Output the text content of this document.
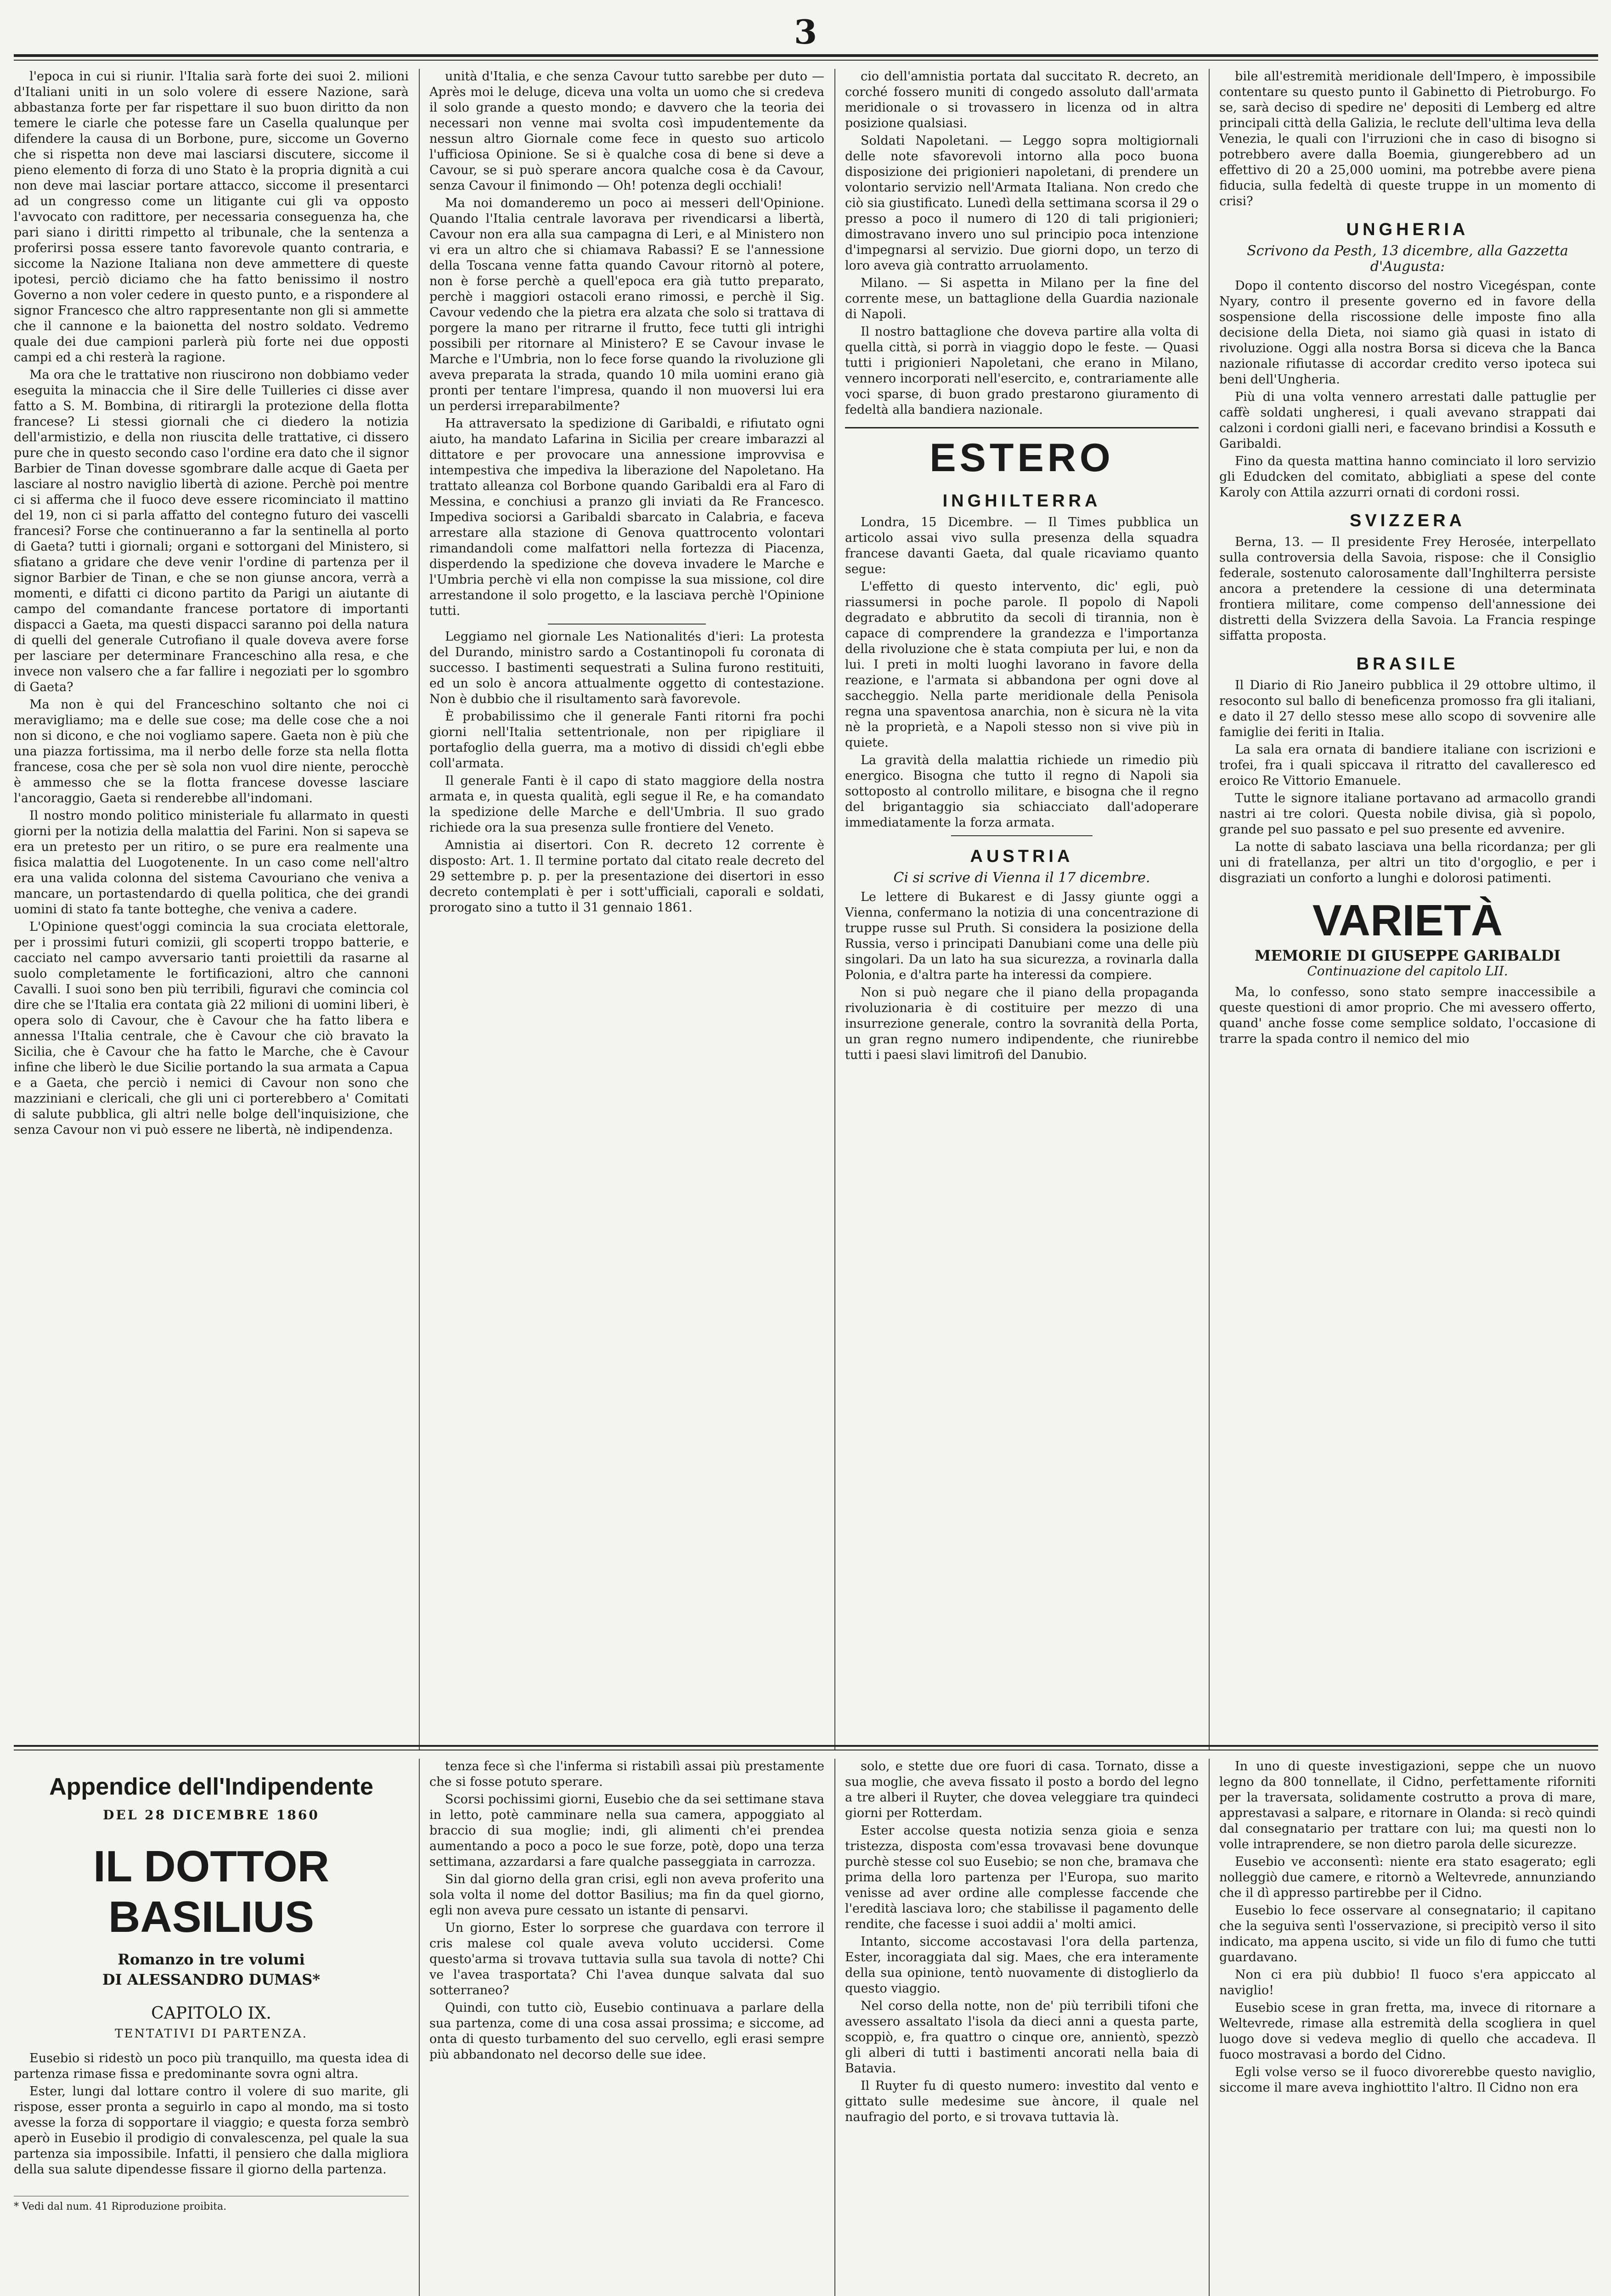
3

l'epoca in cui si riunir. l'Italia sarà forte dei suoi 2. milioni d'Italiani uniti in un solo volere di essere Nazione, sarà abbastanza forte per far rispettare il suo buon diritto da non temere le ciarle che potesse fare un Casella qualunque per difendere la causa di un Borbone, pure, siccome un Governo che si rispetta non deve mai lasciarsi discutere, siccome il pieno elemento di forza di uno Stato è la propria dignità a cui non deve mai lasciar portare attacco, siccome il presentarci ad un congresso come un litigante cui gli va opposto l'avvocato con radittore, per necessaria conseguenza ha, che pari siano i diritti rimpetto al tribunale, che la sentenza a proferirsi possa essere tanto favorevole quanto contraria, e siccome la Nazione Italiana non deve ammettere di queste ipotesi, perciò diciamo che ha fatto benissimo il nostro Governo a non voler cedere in questo punto, e a rispondere al signor Francesco che altro rappresentante non gli si ammette che il cannone e la baionetta del nostro soldato. Vedremo quale dei due campioni parlerà più forte nei due opposti campi ed a chi resterà la ragione.

Ma ora che le trattative non riuscirono non dobbiamo veder eseguita la minaccia che il Sire delle Tuilleries ci disse aver fatto a S. M. Bombina, di ritirargli la protezione della flotta francese? Li stessi giornali che ci diedero la notizia dell'armistizio, e della non riuscita delle trattative, ci dissero pure che in questo secondo caso l'ordine era dato che il signor Barbier de Tinan dovesse sgombrare dalle acque di Gaeta per lasciare al nostro naviglio libertà di azione. Perchè poi mentre ci si afferma che il fuoco deve essere ricominciato il mattino del 19, non ci si parla affatto del contegno futuro dei vascelli francesi? Forse che continueranno a far la sentinella al porto di Gaeta? tutti i giornali; organi e sottorgani del Ministero, si sfiatano a gridare che deve venir l'ordine di partenza per il signor Barbier de Tinan, e che se non giunse ancora, verrà a momenti, e difatti ci dicono partito da Parigi un aiutante di campo del comandante francese portatore di importanti dispacci a Gaeta, ma questi dispacci saranno poi della natura di quelli del generale Cutrofiano il quale doveva avere forse per lasciare per determinare Franceschino alla resa, e che invece non valsero che a far fallire i negoziati per lo sgombro di Gaeta?

Ma non è qui del Franceschino soltanto che noi ci meravigliamo; ma e delle sue cose; ma delle cose che a noi non si dicono, e che noi vogliamo sapere. Gaeta non è più che una piazza fortissima, ma il nerbo delle forze sta nella flotta francese, cosa che per sè sola non vuol dire niente, perocchè è ammesso che se la flotta francese dovesse lasciare l'ancoraggio, Gaeta si renderebbe all'indomani.

Il nostro mondo politico ministeriale fu allarmato in questi giorni per la notizia della malattia del Farini. Non si sapeva se era un pretesto per un ritiro, o se pure era realmente una fisica malattia del Luogotenente. In un caso come nell'altro era una valida colonna del sistema Cavouriano che veniva a mancare, un portastendardo di quella politica, che dei grandi uomini di stato fa tante botteghe, che veniva a cadere.

L'Opinione quest'oggi comincia la sua crociata elettorale, per i prossimi futuri comizii, gli scoperti troppo batterie, e cacciato nel campo avversario tanti proiettili da rasarne al suolo completamente le fortificazioni, altro che cannoni Cavalli. I suoi sono ben più terribili, figuravi che comincia col dire che se l'Italia era contata già 22 milioni di uomini liberi, è opera solo di Cavour, che è Cavour che ha fatto libera e annessa l'Italia centrale, che è Cavour che ciò bravato la Sicilia, che è Cavour che ha fatto le Marche, che è Cavour infine che liberò le due Sicilie portando la sua armata a Capua e a Gaeta, che perciò i nemici di Cavour non sono che mazziniani e clericali, che gli uni ci porterebbero a' Comitati di salute pubblica, gli altri nelle bolge dell'inquisizione, che senza Cavour non vi può essere ne libertà, nè indipendenza.

unità d'Italia, e che senza Cavour tutto sarebbe per duto — Après moi le deluge, diceva una volta un uomo che si credeva il solo grande a questo mondo; e davvero che la teoria dei necessari non venne mai svolta così impudentemente da nessun altro Giornale come fece in questo suo articolo l'ufficiosa Opinione. Se si è qualche cosa di bene si deve a Cavour, se si può sperare ancora qualche cosa è da Cavour, senza Cavour il finimondo — Oh! potenza degli occhiali!

Ma noi domanderemo un poco ai messeri dell'Opinione. Quando l'Italia centrale lavorava per rivendicarsi a libertà, Cavour non era alla sua campagna di Leri, e al Ministero non vi era un altro che si chiamava Rabassi? E se l'annessione della Toscana venne fatta quando Cavour ritornò al potere, non è forse perchè a quell'epoca era già tutto preparato, perchè i maggiori ostacoli erano rimossi, e perchè il Sig. Cavour vedendo che la pietra era alzata che solo si trattava di porgere la mano per ritrarne il frutto, fece tutti gli intrighi possibili per ritornare al Ministero? E se Cavour invase le Marche e l'Umbria, non lo fece forse quando la rivoluzione gli aveva preparata la strada, quando 10 mila uomini erano già pronti per tentare l'impresa, quando il non muoversi lui era un perdersi irreparabilmente?

Ha attraversato la spedizione di Garibaldi, e rifiutato ogni aiuto, ha mandato Lafarina in Sicilia per creare imbarazzi al dittatore e per provocare una annessione improvvisa e intempestiva che impediva la liberazione del Napoletano. Ha trattato alleanza col Borbone quando Garibaldi era al Faro di Messina, e conchiusi a pranzo gli inviati da Re Francesco. Impediva sociorsi a Garibaldi sbarcato in Calabria, e faceva arrestare alla stazione di Genova quattrocento volontari rimandandoli come malfattori nella fortezza di Piacenza, disperdendo la spedizione che doveva invadere le Marche e l'Umbria perchè vi ella non compisse la sua missione, col dire arrestandone il solo progetto, e la lasciava perchè l'Opinione tutti.

Leggiamo nel giornale Les Nationalités d'ieri: La protesta del Durando, ministro sardo a Costantinopoli fu coronata di successo. I bastimenti sequestrati a Sulina furono restituiti, ed un solo è ancora attualmente oggetto di contestazione. Non è dubbio che il risultamento sarà favorevole.

È probabilissimo che il generale Fanti ritorni fra pochi giorni nell'Italia settentrionale, non per ripigliare il portafoglio della guerra, ma a motivo di dissidi ch'egli ebbe coll'armata.

Il generale Fanti è il capo di stato maggiore della nostra armata e, in questa qualità, egli segue il Re, e ha comandato la spedizione delle Marche e dell'Umbria. Il suo grado richiede ora la sua presenza sulle frontiere del Veneto.

Amnistia ai disertori. Con R. decreto 12 corrente è disposto: Art. 1. Il termine portato dal citato reale decreto del 29 settembre p. p. per la presentazione dei disertori in esso decreto contemplati è per i sott'ufficiali, caporali e soldati, prorogato sino a tutto il 31 gennaio 1861.

cio dell'amnistia portata dal succitato R. decreto, an corché fossero muniti di congedo assoluto dall'armata meridionale o si trovassero in licenza od in altra posizione qualsiasi.

Soldati Napoletani. — Leggo sopra moltigiornali delle note sfavorevoli intorno alla poco buona disposizione dei prigionieri napoletani, di prendere un volontario servizio nell'Armata Italiana. Non credo che ciò sia giustificato. Lunedì della settimana scorsa il 29 o presso a poco il numero di 120 di tali prigionieri; dimostravano invero uno sul principio poca intenzione d'impegnarsi al servizio. Due giorni dopo, un terzo di loro aveva già contratto arruolamento.

Milano. — Si aspetta in Milano per la fine del corrente mese, un battaglione della Guardia nazionale di Napoli.

Il nostro battaglione che doveva partire alla volta di quella città, si porrà in viaggio dopo le feste. — Quasi tutti i prigionieri Napoletani, che erano in Milano, vennero incorporati nell'esercito, e, contrariamente alle voci sparse, di buon grado prestarono giuramento di fedeltà alla bandiera nazionale.

ESTERO
INGHILTERRA

Londra, 15 Dicembre. — Il Times pubblica un articolo assai vivo sulla presenza della squadra francese davanti Gaeta, dal quale ricaviamo quanto segue:

L'effetto di questo intervento, dic' egli, può riassumersi in poche parole. Il popolo di Napoli degradato e abbrutito da secoli di tirannia, non è capace di comprendere la grandezza e l'importanza della rivoluzione che è stata compiuta per lui, e non da lui. I preti in molti luoghi lavorano in favore della reazione, e l'armata si abbandona per ogni dove al saccheggio. Nella parte meridionale della Penisola regna una spaventosa anarchia, non è sicura nè la vita nè la proprietà, e a Napoli stesso non si vive più in quiete.

La gravità della malattia richiede un rimedio più energico. Bisogna che tutto il regno di Napoli sia sottoposto al controllo militare, e bisogna che il regno del brigantaggio sia schiacciato dall'adoperare immediatamente la forza armata.

AUSTRIA

Ci si scrive di Vienna il 17 dicembre.

Le lettere di Bukarest e di Jassy giunte oggi a Vienna, confermano la notizia di una concentrazione di truppe russe sul Pruth. Si considera la posizione della Russia, verso i principati Danubiani come una delle più singolari. Da un lato ha sua sicurezza, a rovinarla dalla Polonia, e d'altra parte ha interessi da compiere.

Non si può negare che il piano della propaganda rivoluzionaria è di costituire per mezzo di una insurrezione generale, contro la sovranità della Porta, un gran regno numero indipendente, che riunirebbe tutti i paesi slavi limitrofi del Danubio.

bile all'estremità meridionale dell'Impero, è impossibile contentare su questo punto il Gabinetto di Pietroburgo. Fo se, sarà deciso di spedire ne' depositi di Lemberg ed altre principali città della Galizia, le reclute dell'ultima leva della Venezia, le quali con l'irruzioni che in caso di bisogno si potrebbero avere dalla Boemia, giungerebbero ad un effettivo di 20 a 25,000 uomini, ma potrebbe avere piena fiducia, sulla fedeltà di queste truppe in un momento di crisi?

UNGHERIA

Scrivono da Pesth, 13 dicembre, alla Gazzetta d'Augusta:

Dopo il contento discorso del nostro Vicegéspan, conte Nyary, contro il presente governo ed in favore della sospensione della riscossione delle imposte fino alla decisione della Dieta, noi siamo già quasi in istato di rivoluzione. Oggi alla nostra Borsa si diceva che la Banca nazionale rifiutasse di accordar credito verso ipoteca sui beni dell'Ungheria.

Più di una volta vennero arrestati dalle pattuglie per caffè soldati ungheresi, i quali avevano strappati dai calzoni i cordoni gialli neri, e facevano brindisi a Kossuth e Garibaldi.

Fino da questa mattina hanno cominciato il loro servizio gli Edudcken del comitato, abbigliati a spese del conte Karoly con Attila azzurri ornati di cordoni rossi.

SVIZZERA

Berna, 13. — Il presidente Frey Herosée, interpellato sulla controversia della Savoia, rispose: che il Consiglio federale, sostenuto calorosamente dall'Inghilterra persiste ancora a pretendere la cessione di una determinata frontiera militare, come compenso dell'annessione dei distretti della Svizzera della Savoia. La Francia respinge siffatta proposta.

BRASILE

Il Diario di Rio Janeiro pubblica il 29 ottobre ultimo, il resoconto sul ballo di beneficenza promosso fra gli italiani, e dato il 27 dello stesso mese allo scopo di sovvenire alle famiglie dei feriti in Italia.

La sala era ornata di bandiere italiane con iscrizioni e trofei, fra i quali spiccava il ritratto del cavalleresco ed eroico Re Vittorio Emanuele.

Tutte le signore italiane portavano ad armacollo grandi nastri ai tre colori. Questa nobile divisa, già sì popolo, grande pel suo passato e pel suo presente ed avvenire.

La notte di sabato lasciava una bella ricordanza; per gli uni di fratellanza, per altri un tito d'orgoglio, e per i disgraziati un conforto a lunghi e dolorosi patimenti.

VARIETÀ
MEMORIE DI GIUSEPPE GARIBALDI
Continuazione del capitolo LII.

Ma, lo confesso, sono stato sempre inaccessibile a queste questioni di amor proprio. Che mi avessero offerto, quand' anche fosse come semplice soldato, l'occasione di trarre la spada contro il nemico del mio

Appendice dell'Indipendente
DEL 28 DICEMBRE 1860
IL DOTTOR BASILIUS
Romanzo in tre volumi
DI ALESSANDRO DUMAS*
CAPITOLO IX.
TENTATIVI DI PARTENZA.

Eusebio si ridestò un poco più tranquillo, ma questa idea di partenza rimase fissa e predominante sovra ogni altra.

Ester, lungi dal lottare contro il volere di suo marite, gli rispose, esser pronta a seguirlo in capo al mondo, ma si tosto avesse la forza di sopportare il viaggio; e questa forza sembrò aperò in Eusebio il prodigio di convalescenza, pel quale la sua partenza sia impossibile. Infatti, il pensiero che dalla migliora della sua salute dipendesse fissare il giorno della partenza.

* Vedi dal num. 41 Riproduzione proibita.

tenza fece sì che l'inferma si ristabilì assai più prestamente che si fosse potuto sperare.

Scorsi pochissimi giorni, Eusebio che da sei settimane stava in letto, potè camminare nella sua camera, appoggiato al braccio di sua moglie; indi, gli alimenti ch'ei prendea aumentando a poco a poco le sue forze, potè, dopo una terza settimana, azzardarsi a fare qualche passeggiata in carrozza.

Sin dal giorno della gran crisi, egli non aveva proferito una sola volta il nome del dottor Basilius; ma fin da quel giorno, egli non aveva pure cessato un istante di pensarvi.

Un giorno, Ester lo sorprese che guardava con terrore il cris malese col quale aveva voluto uccidersi. Come questo'arma si trovava tuttavia sulla sua tavola di notte? Chi ve l'avea trasportata? Chi l'avea dunque salvata dal suo sotterraneo?

Quindi, con tutto ciò, Eusebio continuava a parlare della sua partenza, come di una cosa assai prossima; e siccome, ad onta di questo turbamento del suo cervello, egli erasi sempre più abbandonato nel decorso delle sue idee.

solo, e stette due ore fuori di casa. Tornato, disse a sua moglie, che aveva fissato il posto a bordo del legno a tre alberi il Ruyter, che dovea veleggiare tra quindeci giorni per Rotterdam.

Ester accolse questa notizia senza gioia e senza tristezza, disposta com'essa trovavasi bene dovunque purchè stesse col suo Eusebio; se non che, bramava che prima della loro partenza per l'Europa, suo marito venisse ad aver ordine alle complesse faccende che l'eredità lasciava loro; che stabilisse il pagamento delle rendite, che facesse i suoi addii a' molti amici.

Intanto, siccome accostavasi l'ora della partenza, Ester, incoraggiata dal sig. Maes, che era interamente della sua opinione, tentò nuovamente di distoglierlo da questo viaggio.

Nel corso della notte, non de' più terribili tifoni che avessero assaltato l'isola da dieci anni a questa parte, scoppiò, e, fra quattro o cinque ore, annientò, spezzò gli alberi di tutti i bastimenti ancorati nella baia di Batavia.

Il Ruyter fu di questo numero: investito dal vento e gittato sulle medesime sue àncore, il quale nel naufragio del porto, e si trovava tuttavia là.

In uno di queste investigazioni, seppe che un nuovo legno da 800 tonnellate, il Cidno, perfettamente riforniti per la traversata, solidamente costrutto a prova di mare, apprestavasi a salpare, e ritornare in Olanda: si recò quindi dal consegnatario per trattare con lui; ma questi non lo volle intraprendere, se non dietro parola delle sicurezze.

Eusebio ve acconsentì: niente era stato esagerato; egli nolleggiò due camere, e ritornò a Weltevrede, annunziando che il dì appresso partirebbe per il Cidno.

Eusebio lo fece osservare al consegnatario; il capitano che la seguiva sentì l'osservazione, si precipitò verso il sito indicato, ma appena uscito, si vide un filo di fumo che tutti guardavano.

Non ci era più dubbio! Il fuoco s'era appiccato al naviglio!

Eusebio scese in gran fretta, ma, invece di ritornare a Weltevrede, rimase alla estremità della scogliera in quel luogo dove si vedeva meglio di quello che accadeva. Il fuoco mostravasi a bordo del Cidno.

Egli volse verso se il fuoco divorerebbe questo naviglio, siccome il mare aveva inghiottito l'altro. Il Cidno non era
